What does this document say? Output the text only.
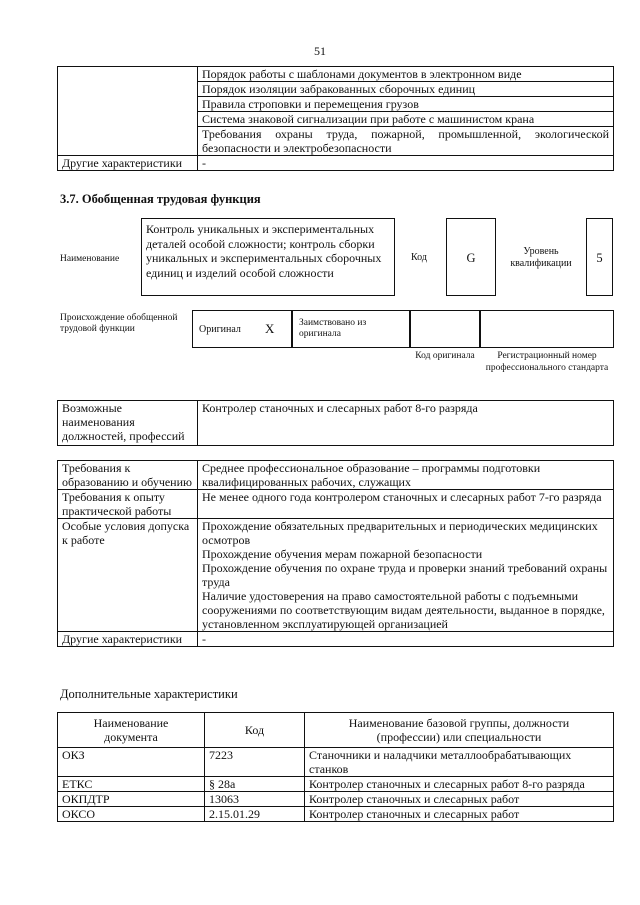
51
	Порядок работы с шаблонами документов в электронном виде
	Порядок изоляции забракованных сборочных единиц
	Правила строповки и перемещения грузов
	Система знаковой сигнализации при работе с машинистом крана
	Требования охраны труда, пожарной, промышленной, экологической безопасности и электробезопасности
Другие характеристики	-
3.7. Обобщенная трудовая функция
Наименование
Контроль уникальных и экспериментальных деталей особой сложности; контроль сборки уникальных и экспериментальных сборочных единиц и изделий особой сложности
Код	G	Уровень квалификации	5
Происхождение обобщенной трудовой функции	Оригинал X	Заимствовано из оригинала
Код оригинала	Регистрационный номер профессионального стандарта
Возможные наименования должностей, профессий	Контролер станочных и слесарных работ 8-го разряда
Требования к образованию и обучению	Среднее профессиональное образование – программы подготовки квалифицированных рабочих, служащих
Требования к опыту практической работы	Не менее одного года контролером станочных и слесарных работ 7-го разряда
Особые условия допуска к работе	Прохождение обязательных предварительных и периодических медицинских осмотров
Прохождение обучения мерам пожарной безопасности
Прохождение обучения по охране труда и проверки знаний требований охраны труда
Наличие удостоверения на право самостоятельной работы с подъемными сооружениями по соответствующим видам деятельности, выданное в порядке, установленном эксплуатирующей организацией

Другие характеристики	-
Дополнительные характеристики
Наименование документа	Код	Наименование базовой группы, должности (профессии) или специальности
ОКЗ	7223	Станочники и наладчики металлообрабатывающих станков
ЕТКС	§ 28а	Контролер станочных и слесарных работ 8-го разряда
ОКПДТР	13063	Контролер станочных и слесарных работ
ОКСО	2.15.01.29	Контролер станочных и слесарных работ
